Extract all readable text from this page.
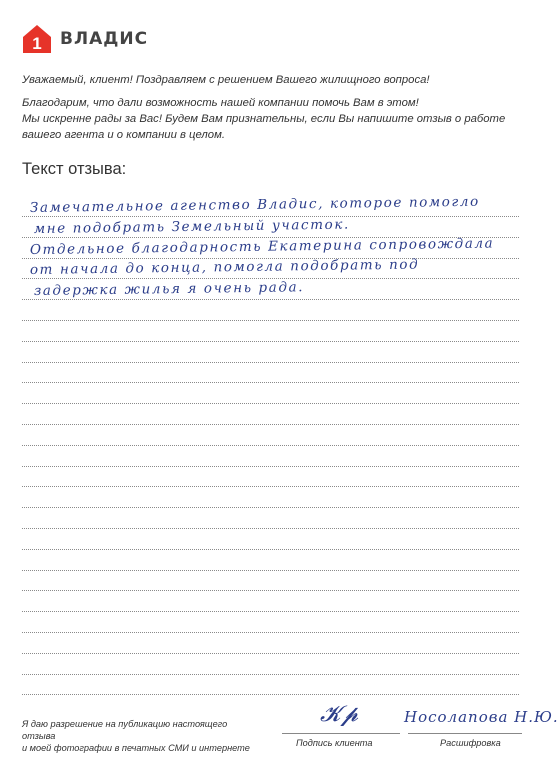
1 ВЛАДИС

Уважаемый, клиент! Поздравляем с решением Вашего жилищного вопроса!

Благодарим, что дали возможность нашей компании помочь Вам в этом!
Мы искренне рады за Вас! Будем Вам признательны, если Вы напишите отзыв о работе
вашего агента и о компании в целом.

Текст отзыва:
Я даю разрешение на публикацию настоящего отзыва
и моей фотографии в печатных СМИ и интернете
𝓚𝓹	Носолапова Н.Ю.
Подпись клиента	Расшифровка
Замечательное агенство Владис, которое помогло
мне подобрать Земельный участок.
Отдельное благодарность Екатерина сопровождала
от начала до конца, помогла подобрать под
задержка жилья я очень рада.
